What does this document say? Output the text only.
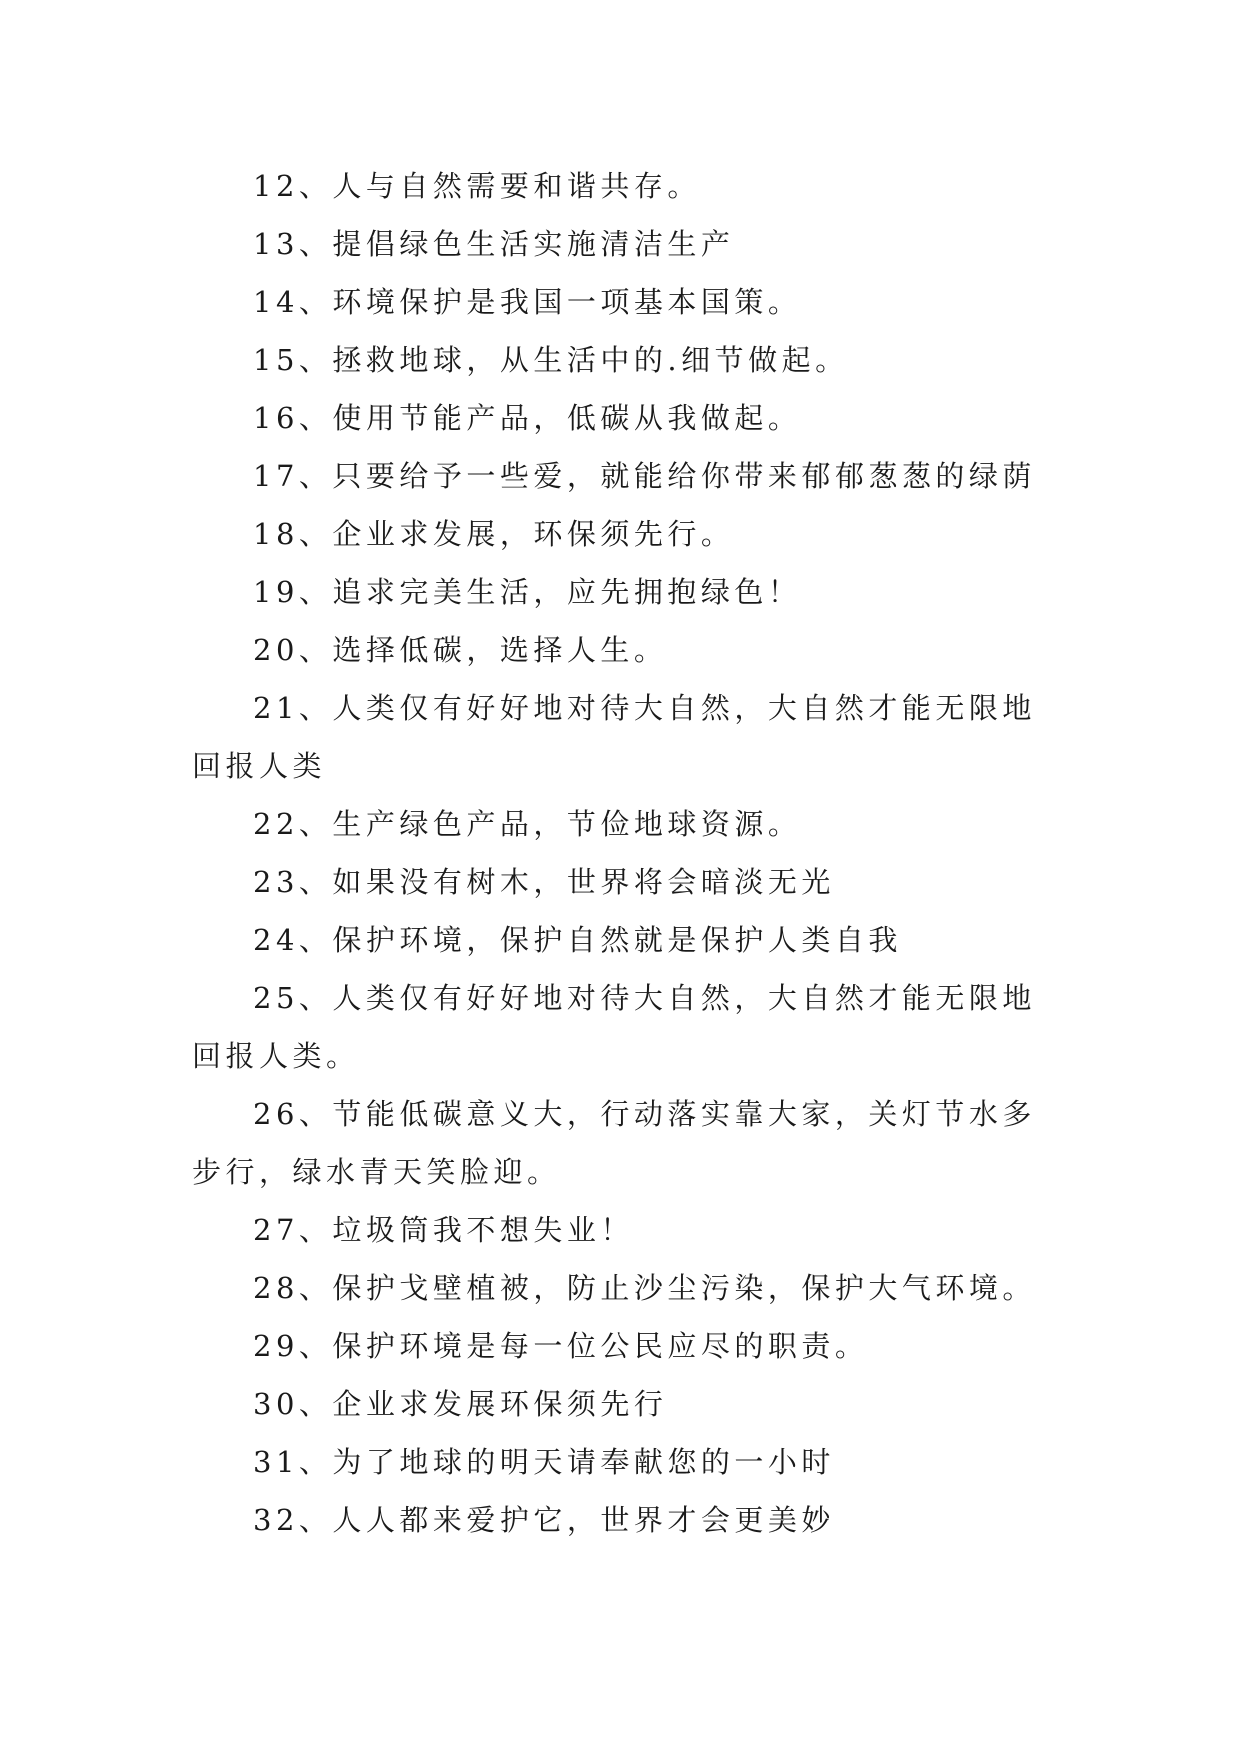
12、人与自然需要和谐共存。

13、提倡绿色生活实施清洁生产

14、环境保护是我国一项基本国策。

15、拯救地球，从生活中的.细节做起。

16、使用节能产品，低碳从我做起。

17、只要给予一些爱，就能给你带来郁郁葱葱的绿荫

18、企业求发展，环保须先行。

19、追求完美生活，应先拥抱绿色！

20、选择低碳，选择人生。

21、人类仅有好好地对待大自然，大自然才能无限地回报人类

22、生产绿色产品，节俭地球资源。

23、如果没有树木，世界将会暗淡无光

24、保护环境，保护自然就是保护人类自我

25、人类仅有好好地对待大自然，大自然才能无限地回报人类。

26、节能低碳意义大，行动落实靠大家，关灯节水多步行，绿水青天笑脸迎。

27、垃圾筒我不想失业！

28、保护戈壁植被，防止沙尘污染，保护大气环境。

29、保护环境是每一位公民应尽的职责。

30、企业求发展环保须先行

31、为了地球的明天请奉献您的一小时

32、人人都来爱护它，世界才会更美妙
